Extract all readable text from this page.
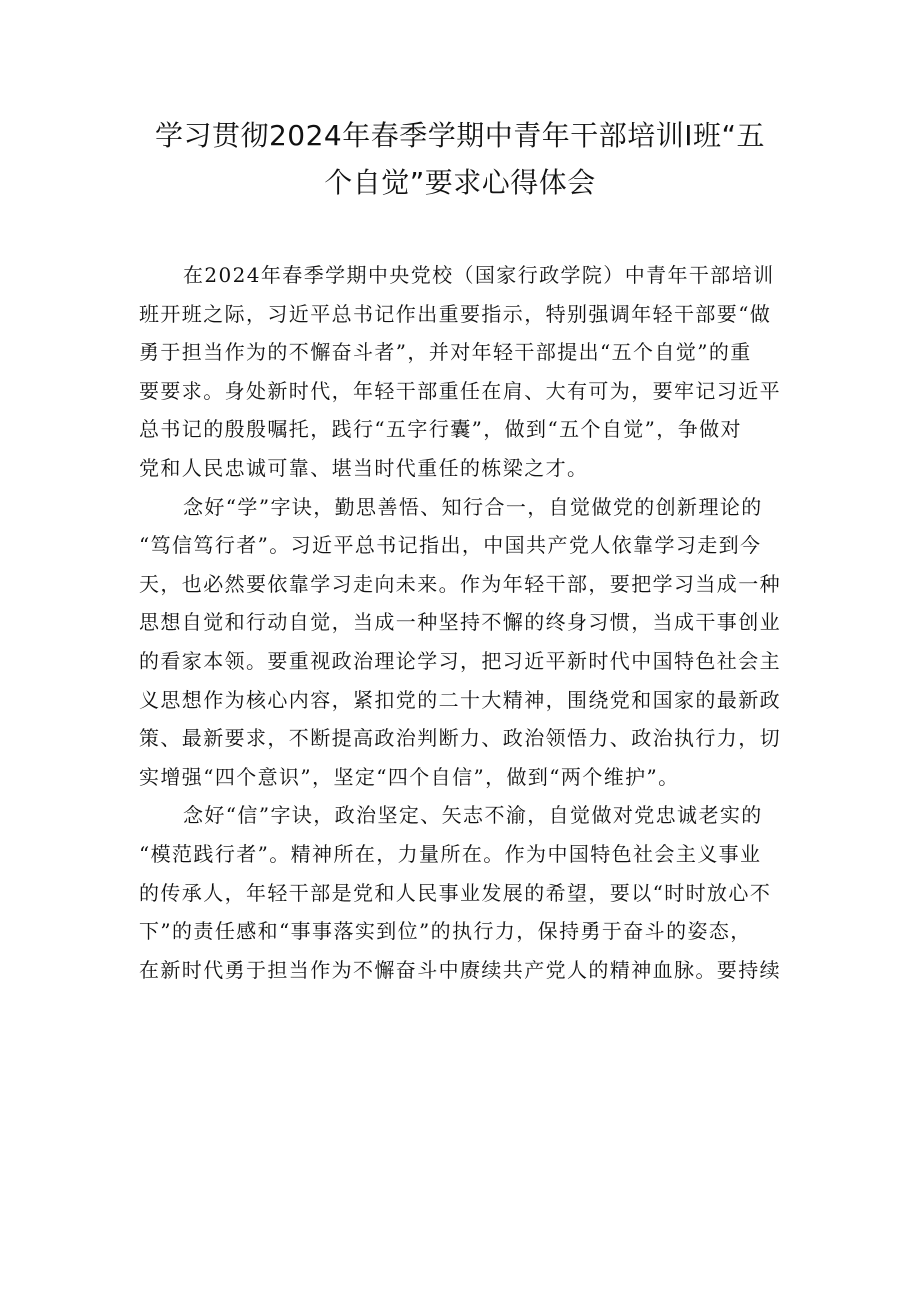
学习贯彻2024年春季学期中青年干部培训I班“五
个自觉”要求心得体会

在2024年春季学期中央党校（国家行政学院）中青年干部培训
班开班之际，习近平总书记作出重要指示，特别强调年轻干部要“做
勇于担当作为的不懈奋斗者”，并对年轻干部提出“五个自觉”的重
要要求。身处新时代，年轻干部重任在肩、大有可为，要牢记习近平
总书记的殷殷嘱托，践行“五字行囊”，做到“五个自觉”，争做对
党和人民忠诚可靠、堪当时代重任的栋梁之才。

念好“学”字诀，勤思善悟、知行合一，自觉做党的创新理论的
“笃信笃行者”。习近平总书记指出，中国共产党人依靠学习走到今
天，也必然要依靠学习走向未来。作为年轻干部，要把学习当成一种
思想自觉和行动自觉，当成一种坚持不懈的终身习惯，当成干事创业
的看家本领。要重视政治理论学习，把习近平新时代中国特色社会主
义思想作为核心内容，紧扣党的二十大精神，围绕党和国家的最新政
策、最新要求，不断提高政治判断力、政治领悟力、政治执行力，切
实增强“四个意识”，坚定“四个自信”，做到“两个维护”。

念好“信”字诀，政治坚定、矢志不渝，自觉做对党忠诚老实的
“模范践行者”。精神所在，力量所在。作为中国特色社会主义事业
的传承人，年轻干部是党和人民事业发展的希望，要以“时时放心不
下”的责任感和“事事落实到位”的执行力，保持勇于奋斗的姿态，
在新时代勇于担当作为不懈奋斗中赓续共产党人的精神血脉。要持续
